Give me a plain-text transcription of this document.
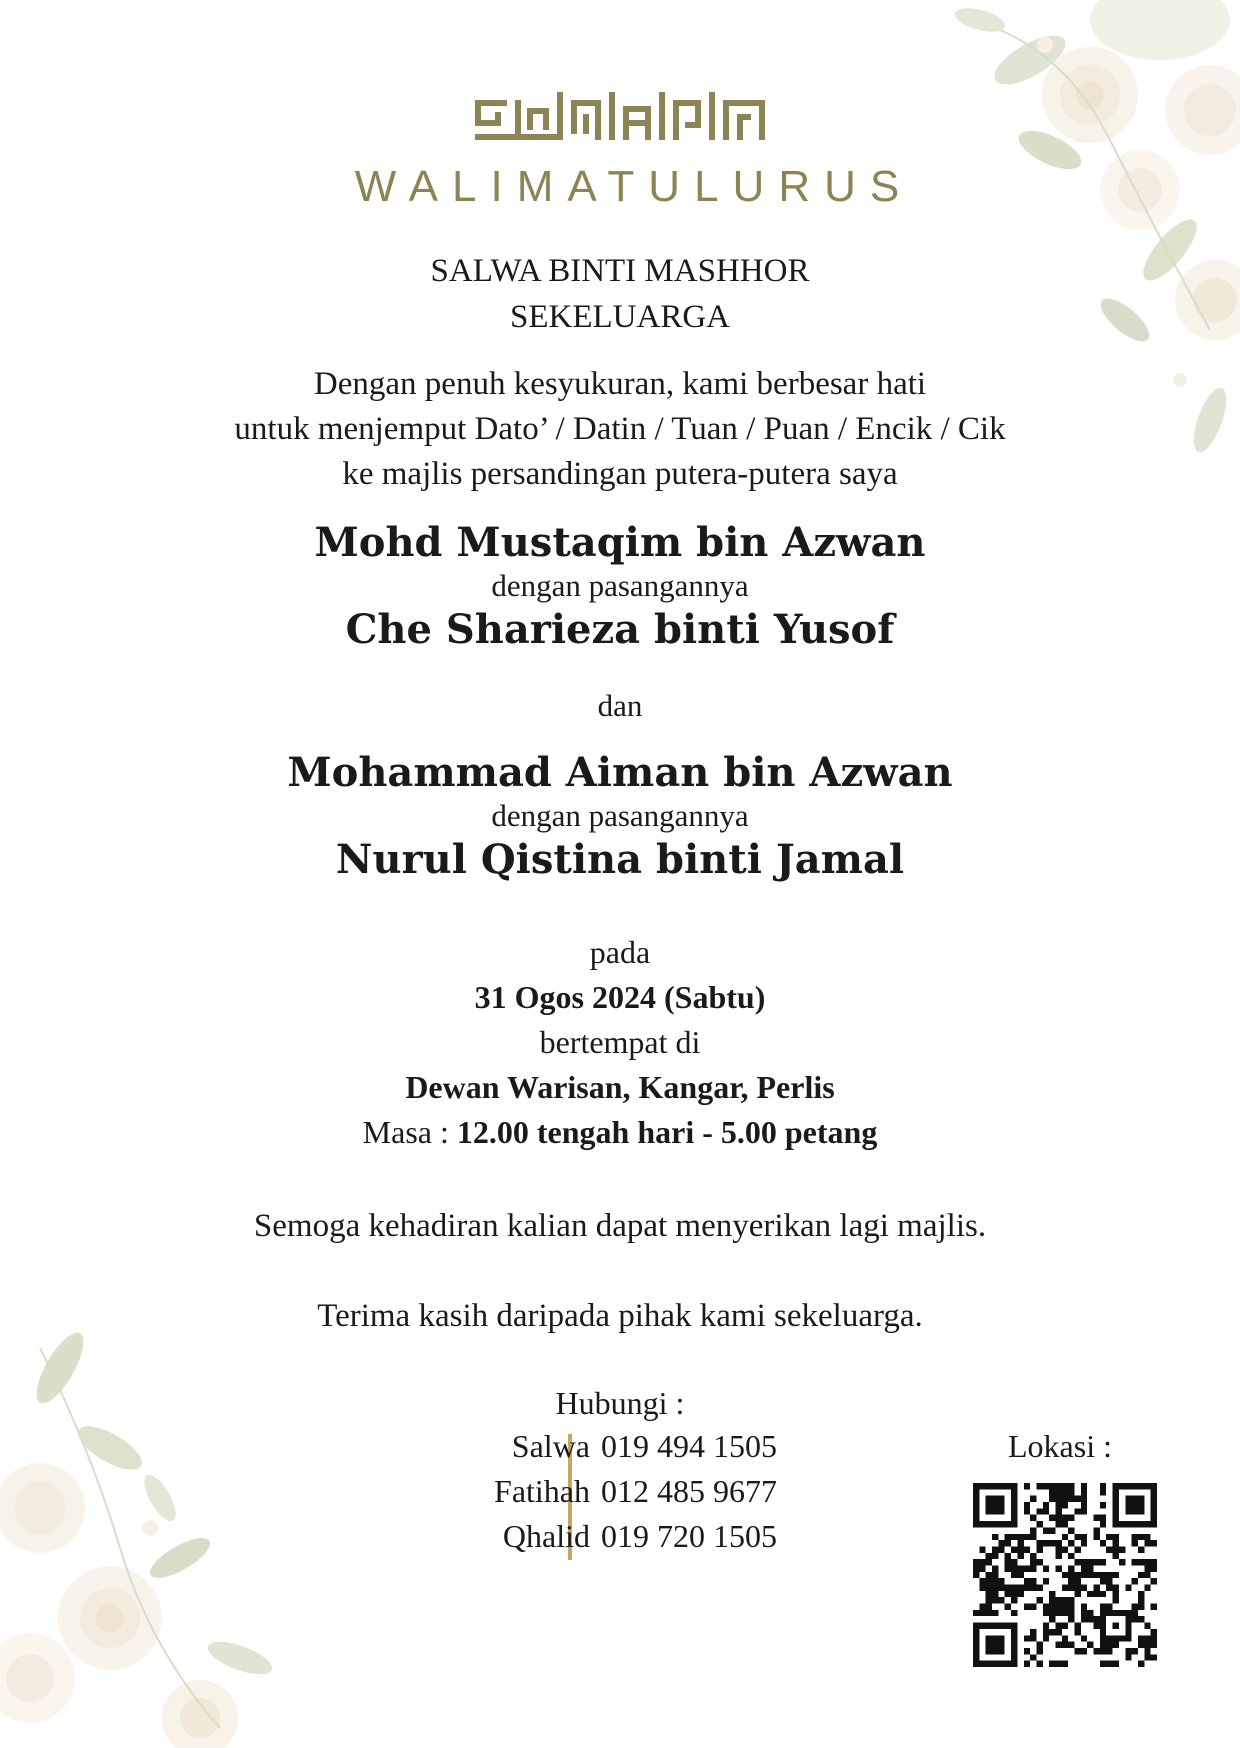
WALIMATULURUS
SALWA BINTI MASHHOR
SEKELUARGA
Dengan penuh kesyukuran, kami berbesar hati
untuk menjemput Dato’ / Datin / Tuan / Puan / Encik / Cik
ke majlis persandingan putera-putera saya
Mohd Mustaqim bin Azwan
dengan pasangannya
Che Sharieza binti Yusof
dan
Mohammad Aiman bin Azwan
dengan pasangannya
Nurul Qistina binti Jamal
pada
31 Ogos 2024 (Sabtu)
bertempat di
Dewan Warisan, Kangar, Perlis
Masa : 12.00 tengah hari - 5.00 petang
Semoga kehadiran kalian dapat menyerikan lagi majlis.
Terima kasih daripada pihak kami sekeluarga.
Hubungi :
Salwa 019 494 1505
Fatihah 012 485 9677
Qhalid 019 720 1505
Lokasi :
